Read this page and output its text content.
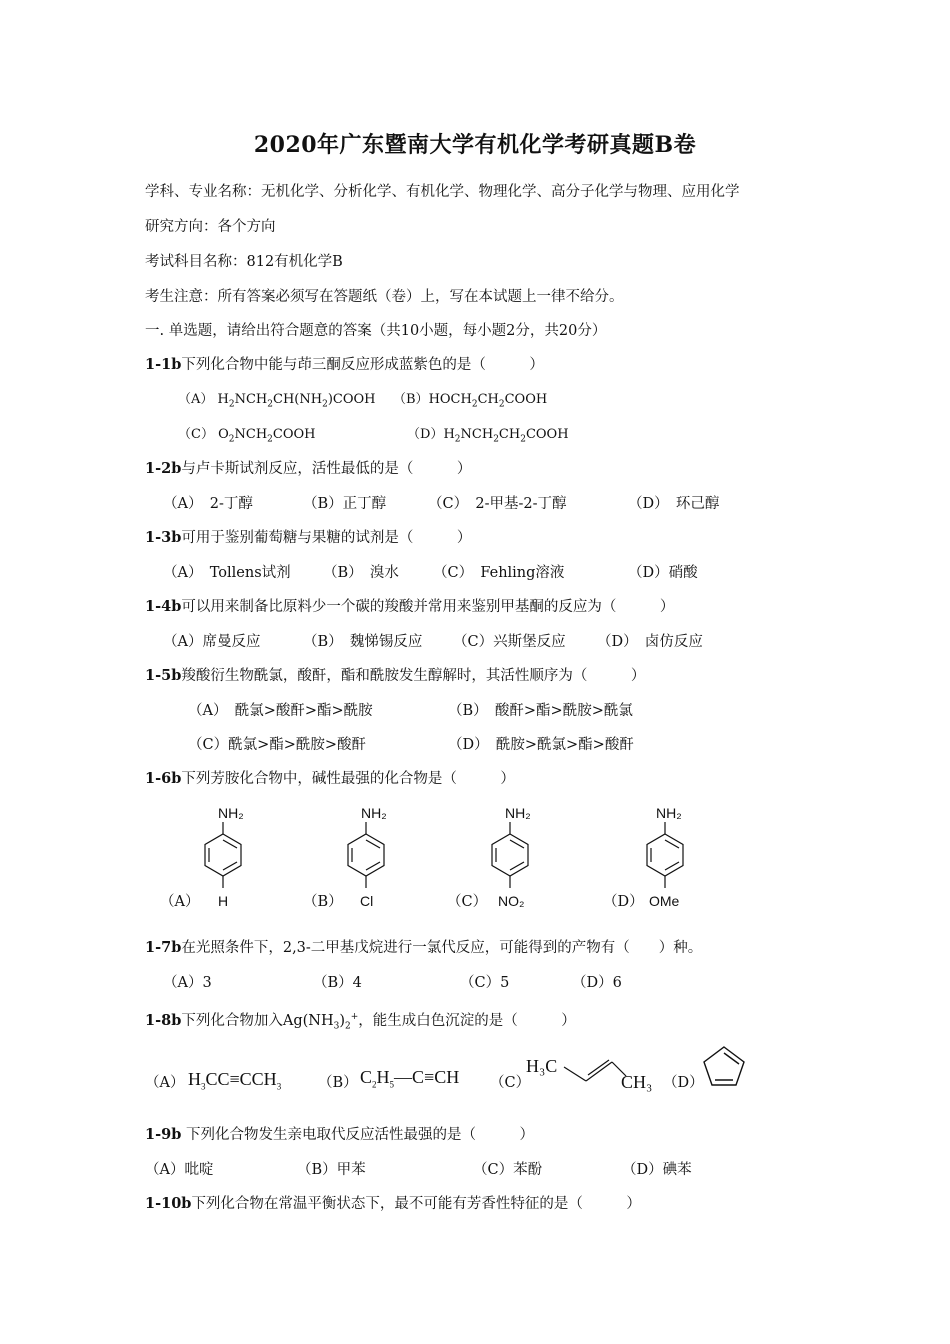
2020年广东暨南大学有机化学考研真题B卷
学科、专业名称：无机化学、分析化学、有机化学、物理化学、高分子化学与物理、应用化学
研究方向：各个方向
考试科目名称：812有机化学B
考生注意：所有答案必须写在答题纸（卷）上，写在本试题上一律不给分。
一. 单选题，请给出符合题意的答案（共10小题，每小题2分，共20分）
1-1b下列化合物中能与茚三酮反应形成蓝紫色的是（　　　）
（A） $H_2NCH_2CH(NH_2)COOH$ $(B)HOCH_2CH_2COOH$
（C） $O_2NCH_2COOH$	$(D)H_2NCH_2CH_2COOH$
1-2b与卢卡斯试剂反应，活性最低的是（　　　）
（A）　2-丁醇	（B）正丁醇	（C）　2-甲基-2-丁醇	（D）　环己醇
1-3b可用于鉴别葡萄糖与果糖的试剂是（　　　）
（A）　Tollens试剂 （B）　溴水 （C）　Fehling溶液	（D）硝酸
1-4b可以用来制备比原料少一个碳的羧酸并常用来鉴别甲基酮的反应为（　　　）
（A）席曼反应	（B）　魏悌锡反应 （C）兴斯堡反应 （D）　卤仿反应
1-5b羧酸衍生物酰氯，酸酐，酯和酰胺发生醇解时，其活性顺序为（　　　）
（A）　酰氯>酸酐>酯>酰胺	（B）　酸酐>酯>酰胺>酰氯
（C）酰氯>酯>酰胺>酸酐	（D）　酰胺>酰氯>酯>酸酐
1-6b下列芳胺化合物中，碱性最强的化合物是（　　　）
NH₂
H
NH₂
Cl
NH₂
NO₂
NH₂
OMe
（A）	（B）	（C）	（D）
1-7b在光照条件下，2,3-二甲基戊烷进行一氯代反应，可能得到的产物有（　　）种。
（A）3	（B）4	（C）5	（D）6
1-8b下列化合物加入$Ag(NH_3)_2^+$，能生成白色沉淀的是（　　　）
（A） $H_3CC\equiv CCH_3$	（B） $C_2H_5—C\equiv CH$ （C）
H₃C
CH₃ （D）
1-9b 下列化合物发生亲电取代反应活性最强的是（　　　）
（A）吡啶	（B）甲苯	（C）苯酚	（D）碘苯
1-10b下列化合物在常温平衡状态下，最不可能有芳香性特征的是（　　　）
